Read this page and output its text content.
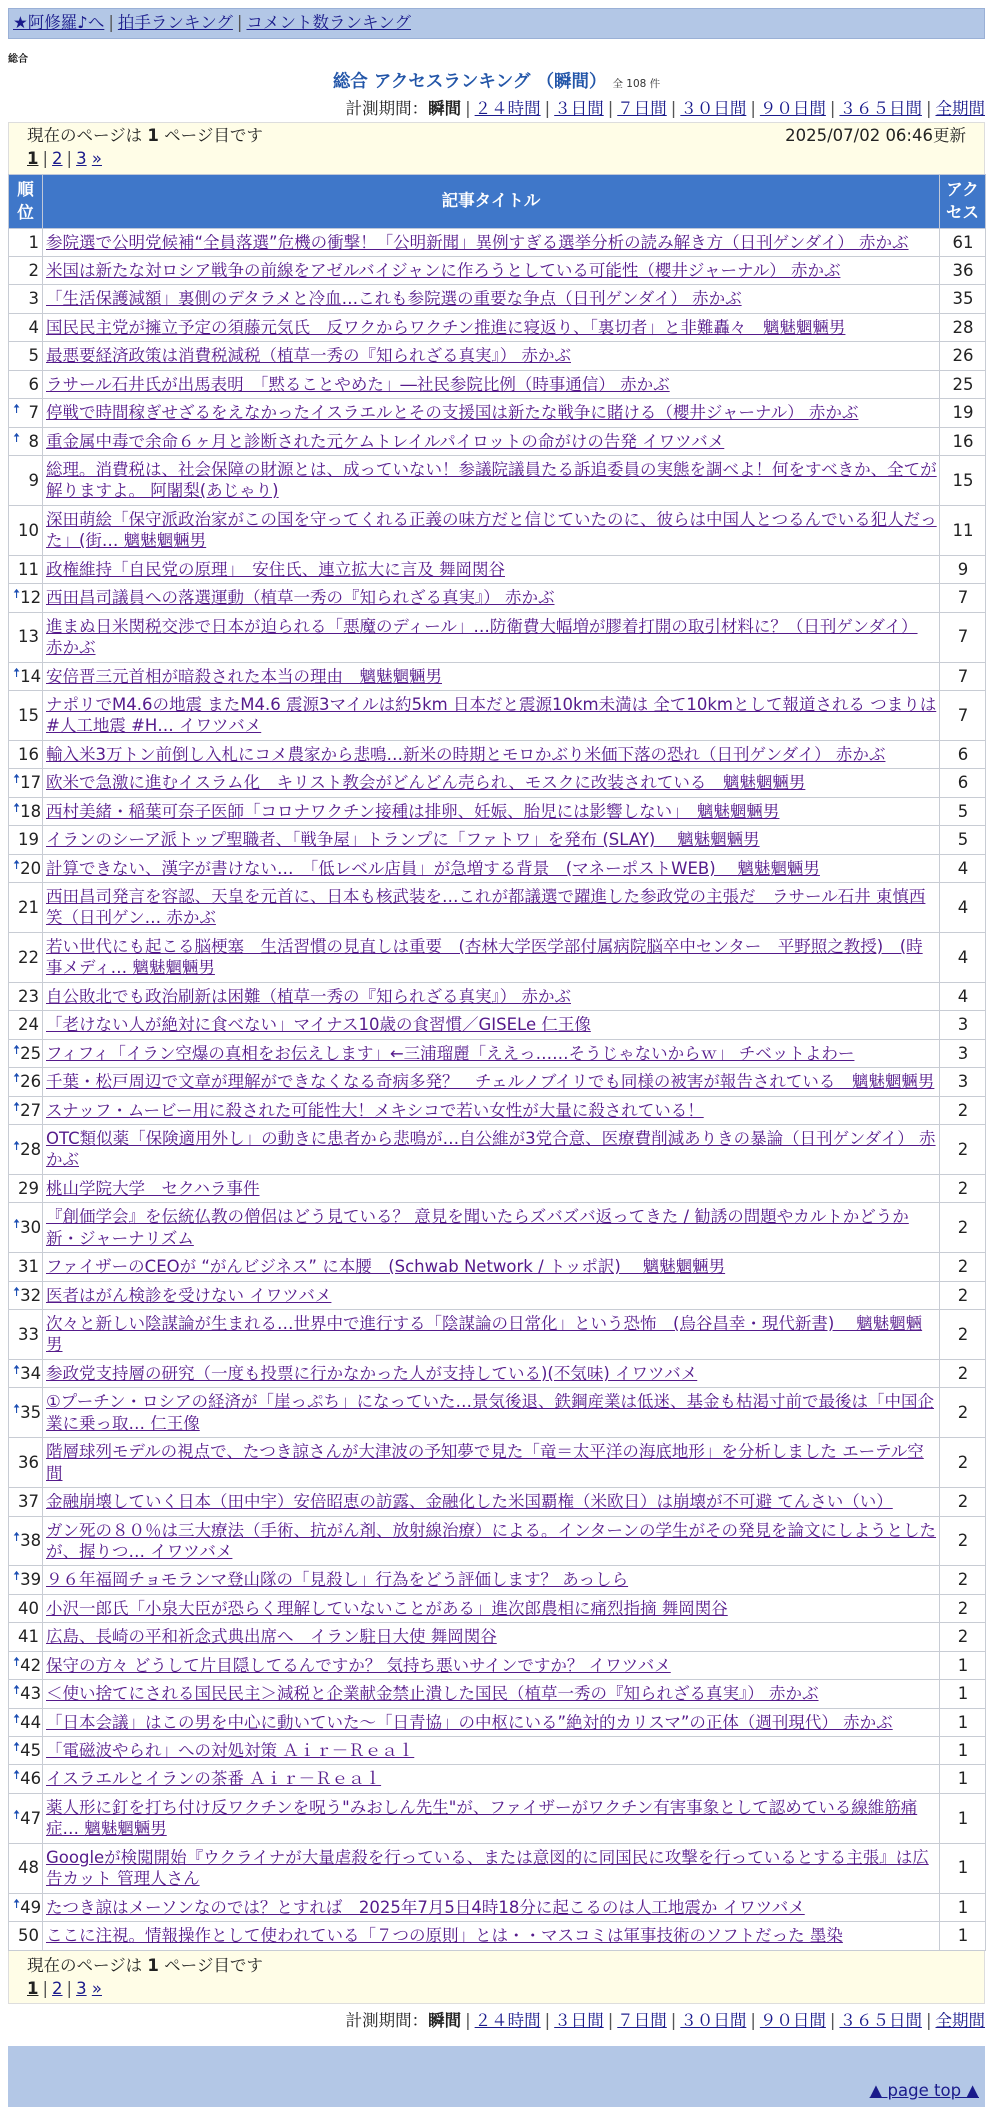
★阿修羅♪へ | 拍手ランキング | コメント数ランキング
総合
総合 アクセスランキング （瞬間） 全 108 件
計測期間：瞬間 | ２４時間 | ３日間 | ７日間 | ３０日間 | ９０日間 | ３６５日間 | 全期間
現在のページは 1 ページ目です	2025/07/02 06:46更新
1 | 2 | 3 »
順位	記事タイトル	アクセス
1	参院選で公明党候補“全員落選”危機の衝撃！「公明新聞」異例すぎる選挙分析の読み解き方（日刊ゲンダイ） 赤かぶ	61
2	米国は新たな対ロシア戦争の前線をアゼルバイジャンに作ろうとしている可能性（櫻井ジャーナル） 赤かぶ	36
3	「生活保護減額」裏側のデタラメと冷血…これも参院選の重要な争点（日刊ゲンダイ） 赤かぶ	35
4	国民民主党が擁立予定の須藤元気氏　反ワクからワクチン推進に寝返り、「裏切者」と非難轟々　魑魅魍魎男	28
5	最悪要経済政策は消費税減税（植草一秀の『知られざる真実』） 赤かぶ	26
6	ラサール石井氏が出馬表明　「黙ることやめた」―社民参院比例（時事通信） 赤かぶ	25

🠅 7	停戦で時間稼ぎせざるをえなかったイスラエルとその支援国は新たな戦争に賭ける（櫻井ジャーナル） 赤かぶ	19

🠅 8	重金属中毒で余命６ヶ月と診断された元ケムトレイルパイロットの命がけの告発 イワツバメ	16
9	総理。消費税は、社会保障の財源とは、成っていない！参議院議員たる訴追委員の実態を調べよ！何をすべきか、全てが解りますよ。 阿闍梨(あじゃり)	15
10	深田萌絵「保守派政治家がこの国を守ってくれる正義の味方だと信じていたのに、彼らは中国人とつるんでいる犯人だった」(街… 魑魅魍魎男	11
11	政権維持「自民党の原理」　安住氏、連立拡大に言及 舞岡関谷	9

🠅 12	西田昌司議員への落選運動（植草一秀の『知られざる真実』） 赤かぶ	7
13	進まぬ日米関税交渉で日本が迫られる「悪魔のディール」…防衛費大幅増が膠着打開の取引材料に？（日刊ゲンダイ） 赤かぶ	7

🠅 14	安倍晋三元首相が暗殺された本当の理由　魑魅魍魎男	7
15	ナポリでM4.6の地震 またM4.6 震源3マイルは約5km 日本だと震源10km未満は 全て10kmとして報道される つまりは #人工地震 #H… イワツバメ	7
16	輸入米3万トン前倒し入札にコメ農家から悲鳴…新米の時期とモロかぶり米価下落の恐れ（日刊ゲンダイ） 赤かぶ	6

🠅 17	欧米で急激に進むイスラム化　キリスト教会がどんどん売られ、モスクに改装されている　魑魅魍魎男	6

🠅 18	西村美緒・稲葉可奈子医師「コロナワクチン接種は排卵、妊娠、胎児には影響しない」　魑魅魍魎男	5
19	イランのシーア派トップ聖職者、「戦争屋」トランプに「ファトワ」を発布 (SLAY)　 魑魅魍魎男	5

🠅 20	計算できない、漢字が書けない…　「低レベル店員」が急増する背景　(マネーポストWEB)　 魑魅魍魎男	4
21	西田昌司発言を容認、天皇を元首に、日本も核武装を…これが都議選で躍進した参政党の主張だ　ラサール石井 東慎西笑（日刊ゲン… 赤かぶ	4
22	若い世代にも起こる脳梗塞　生活習慣の見直しは重要　(杏林大学医学部付属病院脳卒中センター　平野照之教授)　(時事メディ… 魑魅魍魎男	4
23	自公敗北でも政治刷新は困難（植草一秀の『知られざる真実』） 赤かぶ	4
24	「老けない人が絶対に食べない」マイナス10歳の食習慣／GISELe 仁王像	3

🠅 25	フィフィ「イラン空爆の真相をお伝えします」←三浦瑠麗「ええっ……そうじゃないからｗ」 チベットよわー	3

🠅 26	千葉・松戸周辺で文章が理解ができなくなる奇病多発？　チェルノブイリでも同様の被害が報告されている　魑魅魍魎男	3

🠅 27	スナッフ・ムービー用に殺された可能性大！メキシコで若い女性が大量に殺されている！	2

🠅 28	OTC類似薬「保険適用外し」の動きに患者から悲鳴が…自公維が3党合意、医療費削減ありきの暴論（日刊ゲンダイ） 赤かぶ	2
29	桃山学院大学　セクハラ事件	2

🠅 30	『創価学会』を伝統仏教の僧侶はどう見ている？ 意見を聞いたらズバズバ返ってきた / 勧誘の問題やカルトかどうか 新・ジャーナリズム	2
31	ファイザーのCEOが “がんビジネス” に本腰　(Schwab Network / トッポ訳)　 魑魅魍魎男	2

🠅 32	医者はがん検診を受けない イワツバメ	2
33	次々と新しい陰謀論が生まれる…世界中で進行する「陰謀論の日常化」という恐怖　(烏谷昌幸・現代新書)　 魑魅魍魎男	2

🠅 34	参政党支持層の研究（一度も投票に行かなかった人が支持している)(不気味) イワツバメ	2

🠅 35	①プーチン・ロシアの経済が「崖っぷち」になっていた…景気後退、鉄鋼産業は低迷、基金も枯渇寸前で最後は「中国企業に乗っ取… 仁王像	2
36	階層球列モデルの視点で、たつき諒さんが大津波の予知夢で見た「竜＝太平洋の海底地形」を分析しました エーテル空間	2
37	金融崩壊していく日本（田中宇）安倍昭恵の訪露、金融化した米国覇権（米欧日）は崩壊が不可避 てんさい（い）	2

🠅 38	ガン死の８０％は三大療法（手術、抗がん剤、放射線治療）による。インターンの学生がその発見を論文にしようとしたが、握りつ… イワツバメ	2

🠅 39	９６年福岡チョモランマ登山隊の「見殺し」行為をどう評価します？ あっしら	2
40	小沢一郎氏「小泉大臣が恐らく理解していないことがある」進次郎農相に痛烈指摘 舞岡関谷	2
41	広島、長崎の平和祈念式典出席へ　イラン駐日大使 舞岡関谷	2

🠅 42	保守の方々 どうして片目隠してるんですか？ 気持ち悪いサインですか？ イワツバメ	1

🠅 43	＜使い捨てにされる国民民主＞減税と企業献金禁止潰した国民（植草一秀の『知られざる真実』） 赤かぶ	1

🠅 44	「日本会議」はこの男を中心に動いていた〜「日青協」の中枢にいる”絶対的カリスマ”の正体（週刊現代） 赤かぶ	1

🠅 45	「電磁波やられ」への対処対策 Ａｉｒ－Ｒｅａｌ	1

🠅 46	イスラエルとイランの茶番 Ａｉｒ－Ｒｅａｌ	1

🠅 47	薬人形に釘を打ち付け反ワクチンを呪う"みおしん先生"が、ファイザーがワクチン有害事象として認めている線維筋痛症… 魑魅魍魎男	1
48	Googleが検閲開始『ウクライナが大量虐殺を行っている、または意図的に同国民に攻撃を行っているとする主張』は広告カット 管理人さん	1

🠅 49	たつき諒はメーソンなのでは？とすれば　2025年7月5日4時18分に起こるのは人工地震か イワツバメ	1
50	ここに注視。情報操作として使われている「７つの原則」とは・・マスコミは軍事技術のソフトだった 墨染	1
現在のページは 1 ページ目です
1 | 2 | 3 »
計測期間：瞬間 | ２４時間 | ３日間 | ７日間 | ３０日間 | ９０日間 | ３６５日間 | 全期間
▲ page top ▲
